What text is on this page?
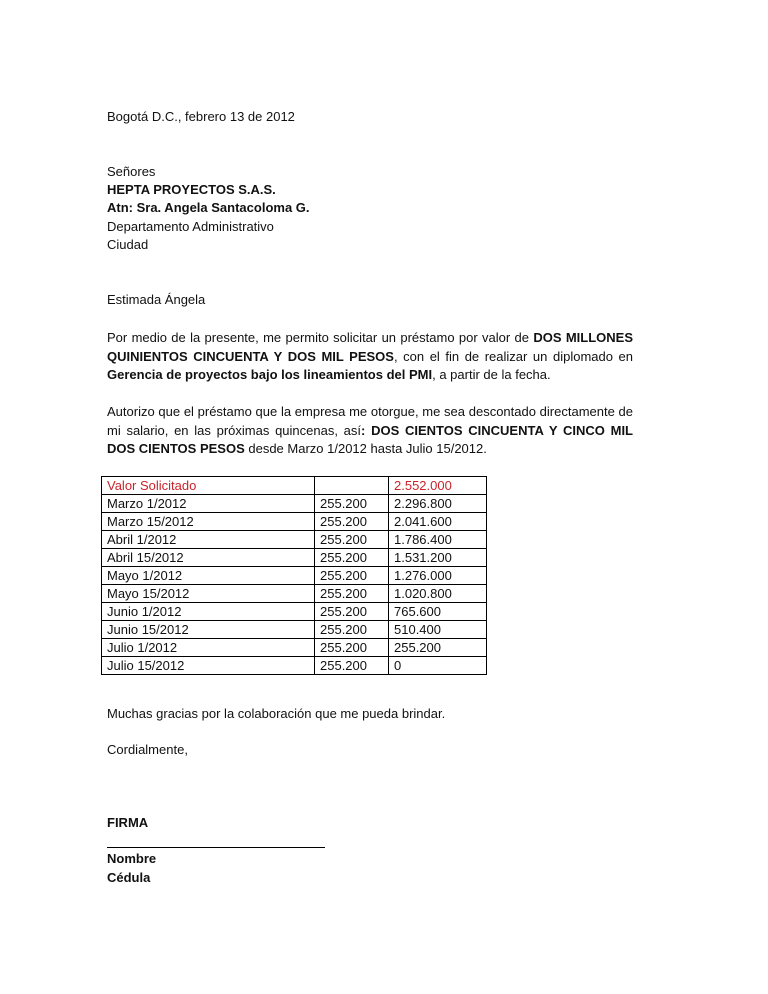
Bogotá D.C., febrero 13 de 2012

Señores

HEPTA PROYECTOS S.A.S.

Atn: Sra. Angela Santacoloma G.

Departamento Administrativo

Ciudad

Estimada Ángela

Por medio de la presente, me permito solicitar un préstamo por valor de DOS MILLONES QUINIENTOS CINCUENTA Y DOS MIL PESOS, con el fin de realizar un diplomado en Gerencia de proyectos bajo los lineamientos del PMI, a partir de la fecha.

Autorizo que el préstamo que la empresa me otorgue, me sea descontado directamente de mi salario, en las próximas quincenas, así: DOS CIENTOS CINCUENTA Y CINCO MIL DOS CIENTOS PESOS desde Marzo 1/2012 hasta Julio 15/2012.

Valor Solicitado		2.552.000
Marzo 1/2012	255.200	2.296.800
Marzo 15/2012	255.200	2.041.600
Abril 1/2012	255.200	1.786.400
Abril 15/2012	255.200	1.531.200
Mayo 1/2012	255.200	1.276.000
Mayo 15/2012	255.200	1.020.800
Junio 1/2012	255.200	765.600
Junio 15/2012	255.200	510.400
Julio 1/2012	255.200	255.200
Julio 15/2012	255.200	0

Muchas gracias por la colaboración que me pueda brindar.

Cordialmente,

FIRMA

Nombre

Cédula
